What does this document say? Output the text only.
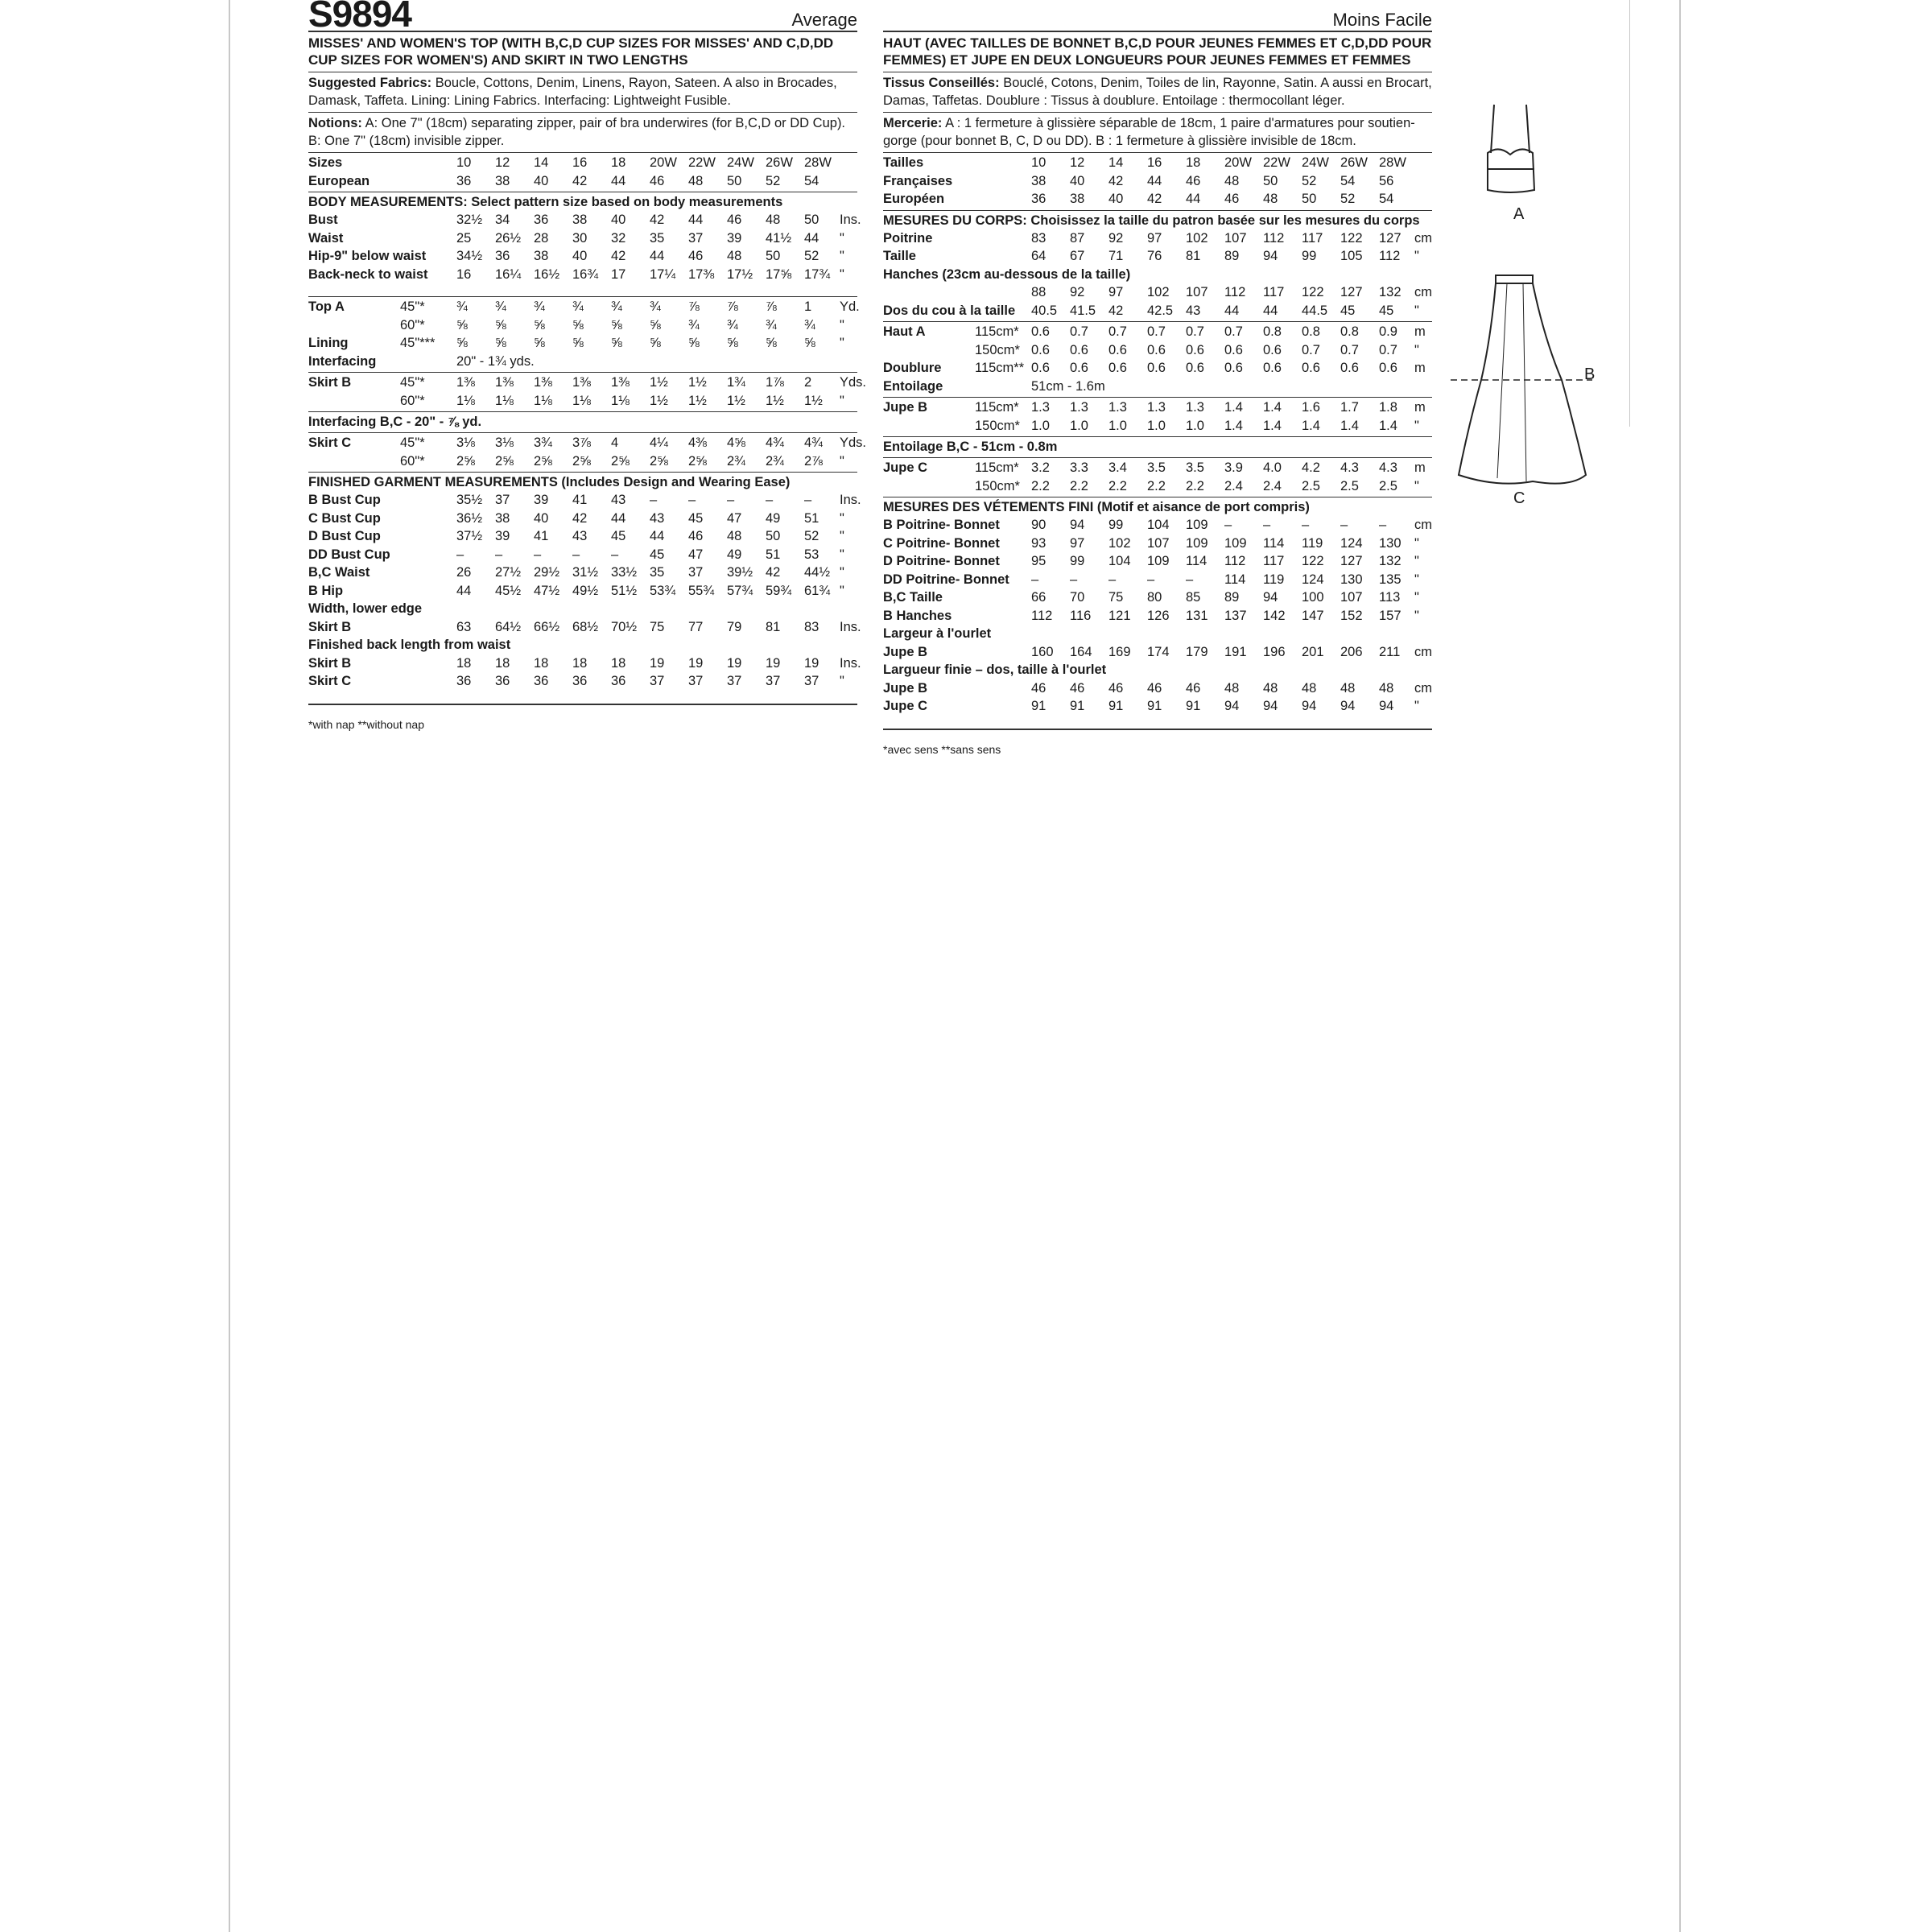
S9894	Average
MISSES' AND WOMEN'S TOP (WITH B,C,D CUP SIZES FOR MISSES' AND C,D,DD CUP SIZES FOR WOMEN'S) AND SKIRT IN TWO LENGTHS
Suggested Fabrics: Boucle, Cottons, Denim, Linens, Rayon, Sateen. A also in Brocades, Damask, Taffeta. Lining: Lining Fabrics. Interfacing: Lightweight Fusible.
Notions: A: One 7" (18cm) separating zipper, pair of bra underwires (for B,C,D or DD Cup). B: One 7" (18cm) invisible zipper.
Sizes		10	12	14	16	18	20W	22W	24W	26W	28W	
European		36	38	40	42	44	46	48	50	52	54	
BODY MEASUREMENTS: Select pattern size based on body measurements
Bust		32½	34	36	38	40	42	44	46	48	50	Ins.
Waist		25	26½	28	30	32	35	37	39	41½	44	"
Hip-9" below waist		34½	36	38	40	42	44	46	48	50	52	"
Back-neck to waist		16	16¼	16½	16¾	17	17¼	17⅜	17½	17⅝	17¾	"
Top A	45"*	¾	¾	¾	¾	¾	¾	⅞	⅞	⅞	1	Yd.
	60"*	⅝	⅝	⅝	⅝	⅝	⅝	¾	¾	¾	¾	"
Lining	45"***	⅝	⅝	⅝	⅝	⅝	⅝	⅝	⅝	⅝	⅝	"
Interfacing		20" - 1¾ yds.										
Skirt B	45"*	1⅜	1⅜	1⅜	1⅜	1⅜	1½	1½	1¾	1⅞	2	Yds.
	60"*	1⅛	1⅛	1⅛	1⅛	1⅛	1½	1½	1½	1½	1½	"
Interfacing B,C - 20" - ⅞ yd.
Skirt C	45"*	3⅛	3⅛	3¾	3⅞	4	4¼	4⅜	4⅝	4¾	4¾	Yds.
	60"*	2⅝	2⅝	2⅝	2⅝	2⅝	2⅝	2⅝	2¾	2¾	2⅞	"
FINISHED GARMENT MEASUREMENTS (Includes Design and Wearing Ease)
B Bust Cup		35½	37	39	41	43	–	–	–	–	–	Ins.
C Bust Cup		36½	38	40	42	44	43	45	47	49	51	"
D Bust Cup		37½	39	41	43	45	44	46	48	50	52	"
DD Bust Cup		–	–	–	–	–	45	47	49	51	53	"
B,C Waist		26	27½	29½	31½	33½	35	37	39½	42	44½	"
B Hip		44	45½	47½	49½	51½	53¾	55¾	57¾	59¾	61¾	"
Width, lower edge												
Skirt B		63	64½	66½	68½	70½	75	77	79	81	83	Ins.
Finished back length from waist												
Skirt B		18	18	18	18	18	19	19	19	19	19	Ins.
Skirt C		36	36	36	36	36	37	37	37	37	37	"
*with nap **without nap
Moins Facile
HAUT (AVEC TAILLES DE BONNET B,C,D POUR JEUNES FEMMES ET C,D,DD POUR FEMMES) ET JUPE EN DEUX LONGUEURS POUR JEUNES FEMMES ET FEMMES
Tissus Conseillés: Bouclé, Cotons, Denim, Toiles de lin, Rayonne, Satin. A aussi en Brocart, Damas, Taffetas. Doublure : Tissus à doublure. Entoilage : thermocollant léger.
Mercerie: A : 1 fermeture à glissière séparable de 18cm, 1 paire d'armatures pour soutien-gorge (pour bonnet B, C, D ou DD). B : 1 fermeture à glissière invisible de 18cm.
Tailles		10	12	14	16	18	20W	22W	24W	26W	28W	
Françaises		38	40	42	44	46	48	50	52	54	56	
Européen		36	38	40	42	44	46	48	50	52	54	
MESURES DU CORPS: Choisissez la taille du patron basée sur les mesures du corps
Poitrine		83	87	92	97	102	107	112	117	122	127	cm
Taille		64	67	71	76	81	89	94	99	105	112	"
Hanches (23cm au-dessous de la taille)												
		88	92	97	102	107	112	117	122	127	132	cm
Dos du cou à la taille		40.5	41.5	42	42.5	43	44	44	44.5	45	45	"
Haut A	115cm*	0.6	0.7	0.7	0.7	0.7	0.7	0.8	0.8	0.8	0.9	m
	150cm*	0.6	0.6	0.6	0.6	0.6	0.6	0.6	0.7	0.7	0.7	"
Doublure	115cm**	0.6	0.6	0.6	0.6	0.6	0.6	0.6	0.6	0.6	0.6	m
Entoilage		51cm - 1.6m										
Jupe B	115cm*	1.3	1.3	1.3	1.3	1.3	1.4	1.4	1.6	1.7	1.8	m
	150cm*	1.0	1.0	1.0	1.0	1.0	1.4	1.4	1.4	1.4	1.4	"
Entoilage B,C - 51cm - 0.8m
Jupe C	115cm*	3.2	3.3	3.4	3.5	3.5	3.9	4.0	4.2	4.3	4.3	m
	150cm*	2.2	2.2	2.2	2.2	2.2	2.4	2.4	2.5	2.5	2.5	"
MESURES DES VÉTEMENTS FINI (Motif et aisance de port compris)
B Poitrine- Bonnet		90	94	99	104	109	–	–	–	–	–	cm
C Poitrine- Bonnet		93	97	102	107	109	109	114	119	124	130	"
D Poitrine- Bonnet		95	99	104	109	114	112	117	122	127	132	"
DD Poitrine- Bonnet		–	–	–	–	–	114	119	124	130	135	"
B,C Taille		66	70	75	80	85	89	94	100	107	113	"
B Hanches		112	116	121	126	131	137	142	147	152	157	"
Largeur à l'ourlet												
Jupe B		160	164	169	174	179	191	196	201	206	211	cm
Largueur finie – dos, taille à l'ourlet												
Jupe B		46	46	46	46	46	48	48	48	48	48	cm
Jupe C		91	91	91	91	91	94	94	94	94	94	"
*avec sens **sans sens
A
B
C
